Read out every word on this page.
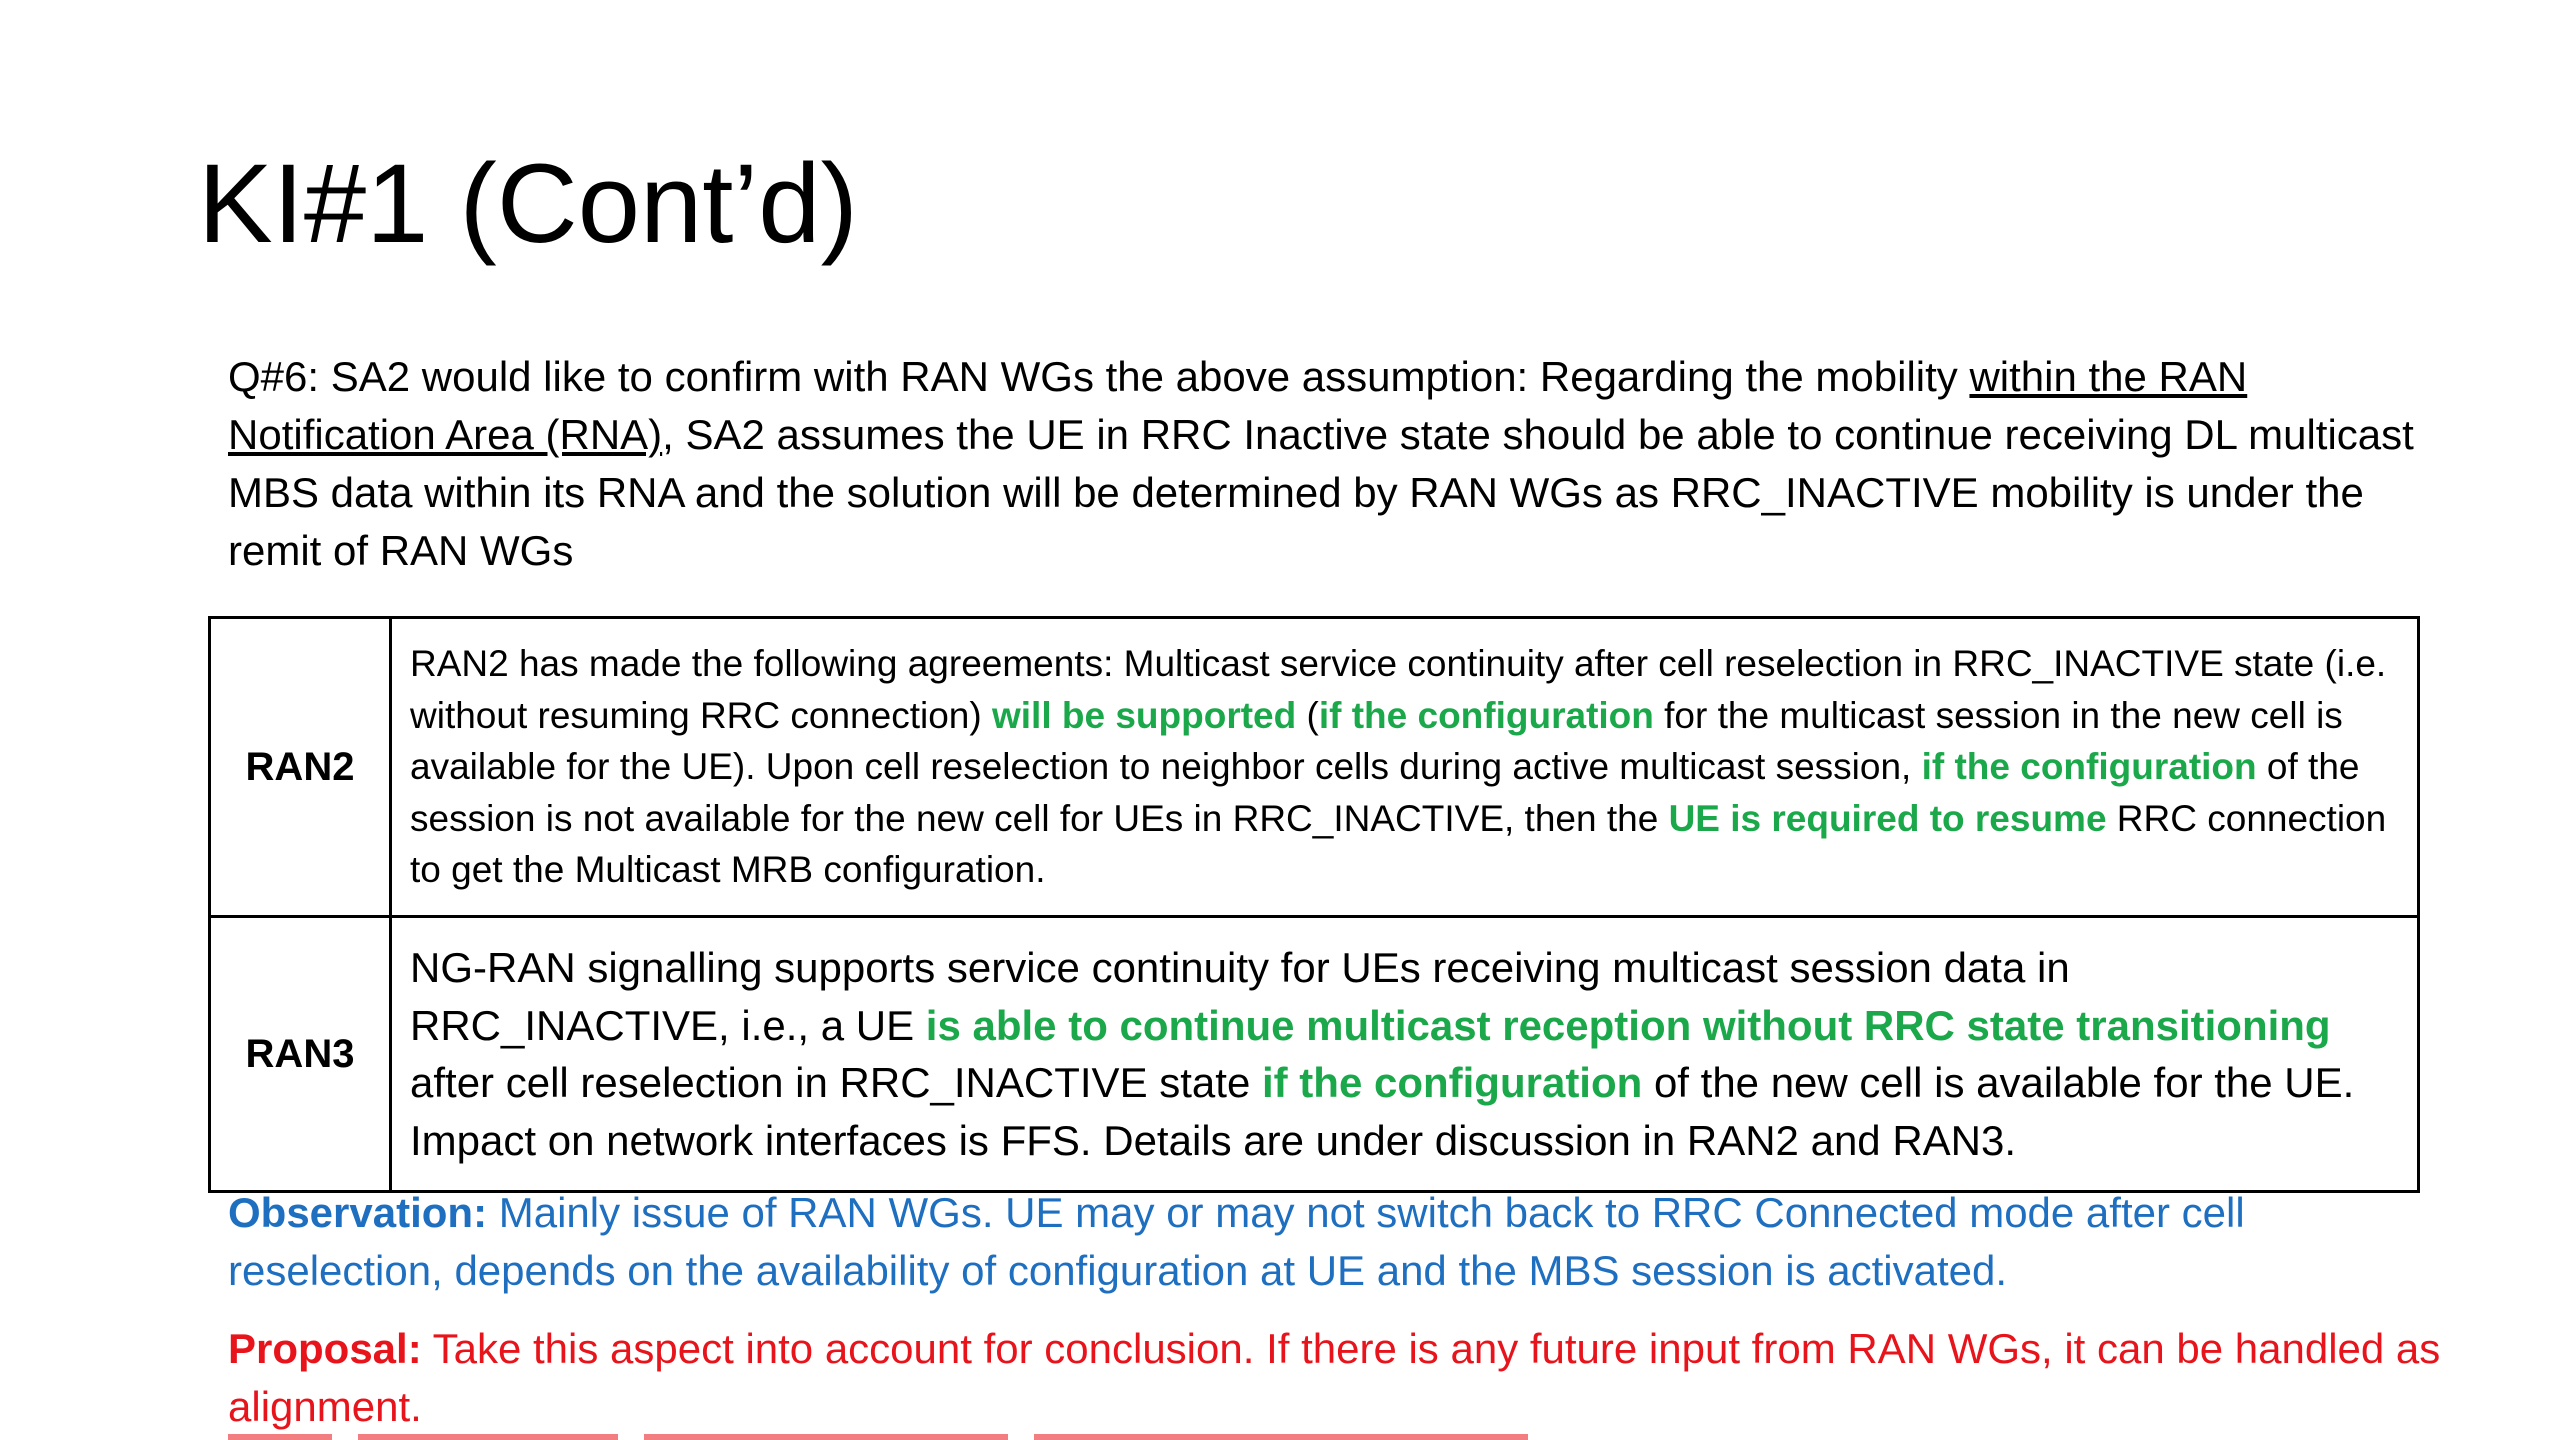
KI#1 (Cont’d)

Q#6: SA2 would like to confirm with RAN WGs the above assumption: Regarding the mobility within the RAN Notification Area (RNA), SA2 assumes the UE in RRC Inactive state should be able to continue receiving DL multicast MBS data within its RNA and the solution will be determined by RAN WGs as RRC_INACTIVE mobility is under the remit of RAN WGs

RAN2	RAN2 has made the following agreements: Multicast service continuity after cell reselection in RRC_INACTIVE state (i.e. without resuming RRC connection) will be supported (if the configuration for the multicast session in the new cell is available for the UE). Upon cell reselection to neighbor cells during active multicast session, if the configuration of the session is not available for the new cell for UEs in RRC_INACTIVE, then the UE is required to resume RRC connection to get the Multicast MRB configuration.
RAN3	NG-RAN signalling supports service continuity for UEs receiving multicast session data in RRC_INACTIVE, i.e., a UE is able to continue multicast reception without RRC state transitioning after cell reselection in RRC_INACTIVE state if the configuration of the new cell is available for the UE. Impact on network interfaces is FFS. Details are under discussion in RAN2 and RAN3.

Observation: Mainly issue of RAN WGs. UE may or may not switch back to RRC Connected mode after cell reselection, depends on the availability of configuration at UE and the MBS session is activated.

Proposal: Take this aspect into account for conclusion. If there is any future input from RAN WGs, it can be handled as alignment.
